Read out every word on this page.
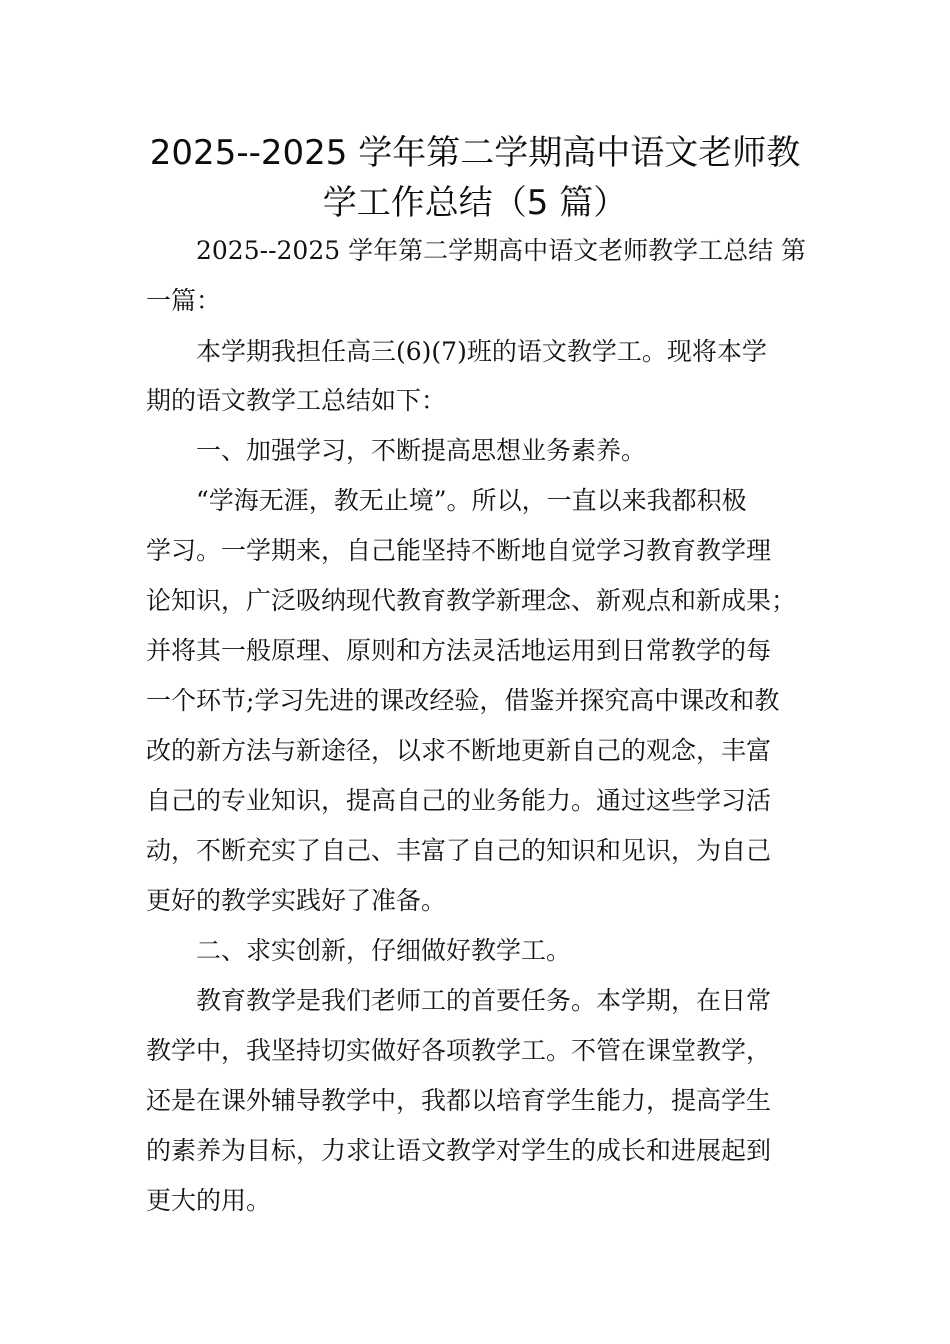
2025--2025 学年第二学期高中语文老师教
学工作总结（5 篇）
2025--2025 学年第二学期高中语文老师教学工总结 第
一篇：
本学期我担任高三(6)(7)班的语文教学工。现将本学
期的语文教学工总结如下：
一、加强学习，不断提高思想业务素养。
“学海无涯，教无止境”。所以，一直以来我都积极
学习。一学期来，自己能坚持不断地自觉学习教育教学理
论知识，广泛吸纳现代教育教学新理念、新观点和新成果；
并将其一般原理、原则和方法灵活地运用到日常教学的每
一个环节;学习先进的课改经验，借鉴并探究高中课改和教
改的新方法与新途径，以求不断地更新自己的观念，丰富
自己的专业知识，提高自己的业务能力。通过这些学习活
动，不断充实了自己、丰富了自己的知识和见识，为自己
更好的教学实践好了准备。
二、求实创新，仔细做好教学工。
教育教学是我们老师工的首要任务。本学期，在日常
教学中，我坚持切实做好各项教学工。不管在课堂教学，
还是在课外辅导教学中，我都以培育学生能力，提高学生
的素养为目标，力求让语文教学对学生的成长和进展起到
更大的用。
